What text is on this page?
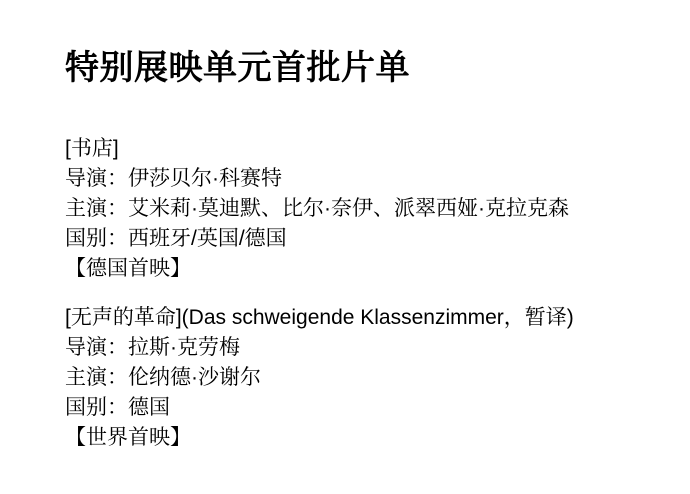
特别展映单元首批片单

[书店]

导演：伊莎贝尔·科赛特

主演：艾米莉·莫迪默、比尔·奈伊、派翠西娅·克拉克森

国别：西班牙/英国/德国

【德国首映】

[无声的革命](Das schweigende Klassenzimmer，暂译)

导演：拉斯·克劳梅

主演：伦纳德·沙谢尔

国别：德国

【世界首映】
